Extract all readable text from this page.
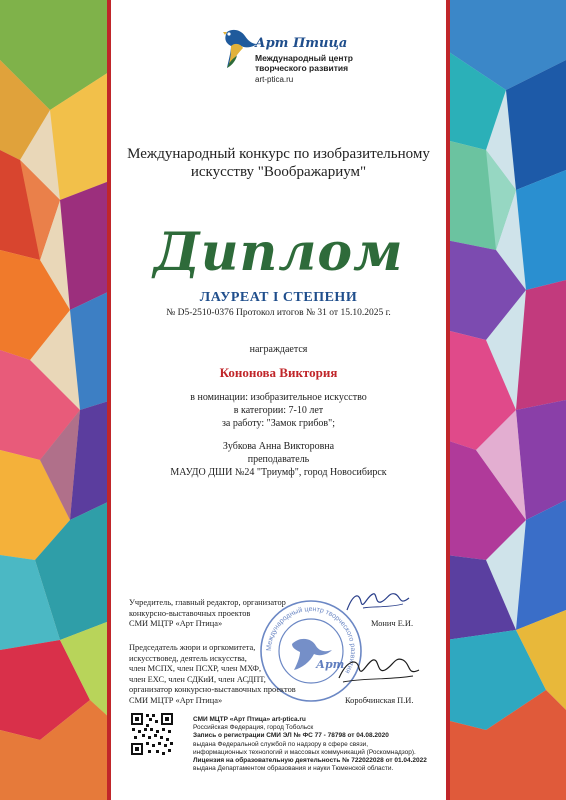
Арт Птица
Международный центр
творческого развития
art-ptica.ru
Международный конкурс по изобразительному
искусству "Воображариум"
Диплом
ЛАУРЕАТ I СТЕПЕНИ
№ D5-2510-0376 Протокол итогов № 31 от 15.10.2025 г.
награждается
Кононова Виктория
в номинации: изобразительное искусство
в категории: 7-10 лет
за работу: "Замок грибов";
Зубкова Анна Викторовна
преподаватель
МАУДО ДШИ №24 "Триумф", город Новосибирск
Международный центр творческого развития
Арт
Учредитель, главный редактор, организатор
конкурсно-выставочных проектов
СМИ МЦТР «Арт Птица»	Монич Е.И.
Председатель жюри и оргкомитета,
искусствовед, деятель искусства,
член МСПХ, член ПСХР, член МХФ,
член ЕХС, член СДКиИ, член АСДПТ,
организатор конкурсно-выставочных проектов
СМИ МЦТР «Арт Птица»	Коробчинская П.И.
СМИ МЦТР «Арт Птица» art-ptica.ru
Российская Федерация, город Тобольск
Запись о регистрации СМИ ЭЛ № ФС 77 - 78798 от 04.08.2020
выдана Федеральной службой по надзору в сфере связи,
информационных технологий и массовых коммуникаций (Роскомнадзор).
Лицензия на образовательную деятельность № 722022028 от 01.04.2022
выдана Департаментом образования и науки Тюменской области.
